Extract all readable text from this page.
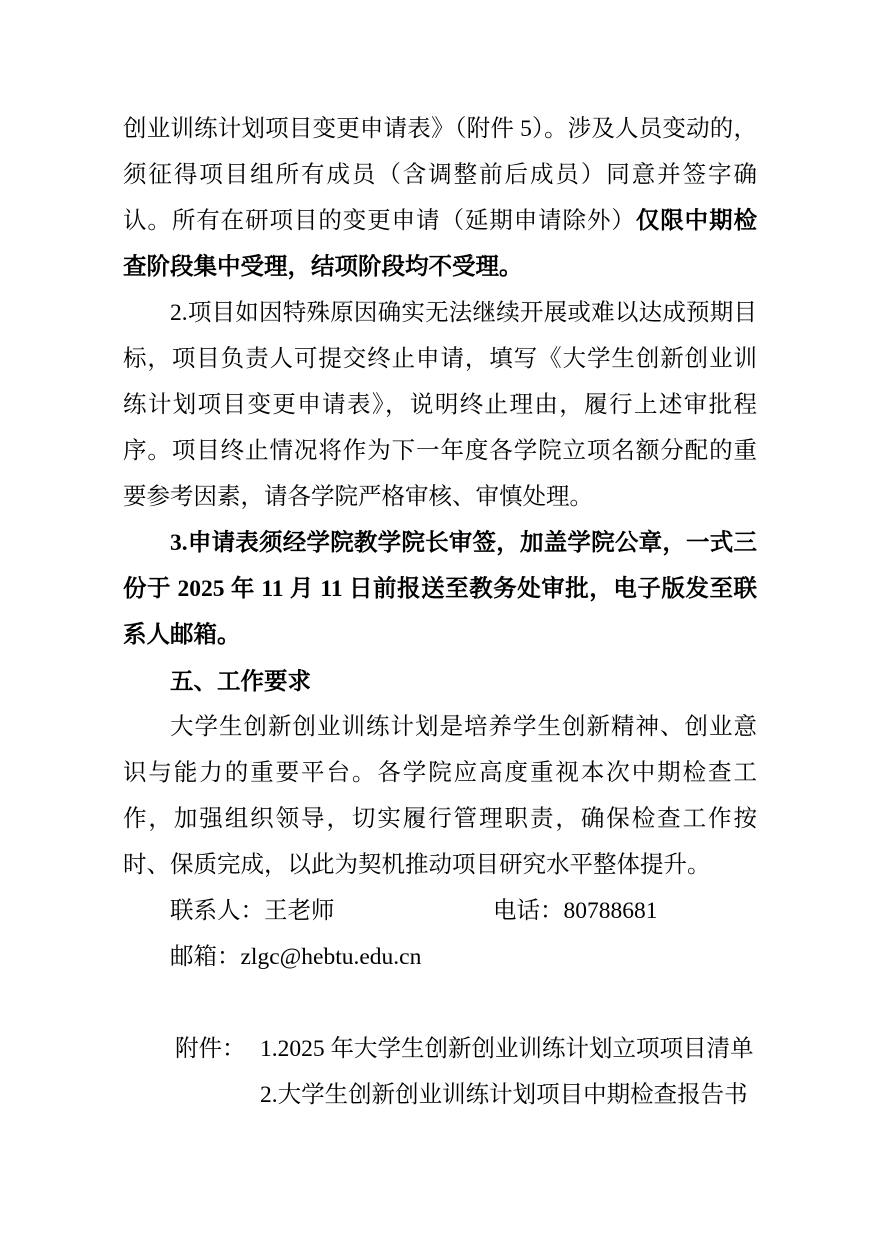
创业训练计划项目变更申请表》（附件 5）。涉及人员变动的，须征得项目组所有成员（含调整前后成员）同意并签字确认。所有在研项目的变更申请（延期申请除外）仅限中期检查阶段集中受理，结项阶段均不受理。
2.项目如因特殊原因确实无法继续开展或难以达成预期目标，项目负责人可提交终止申请，填写《大学生创新创业训练计划项目变更申请表》，说明终止理由，履行上述审批程序。项目终止情况将作为下一年度各学院立项名额分配的重要参考因素，请各学院严格审核、审慎处理。
3.申请表须经学院教学院长审签，加盖学院公章，一式三份于 2025 年 11 月 11 日前报送至教务处审批，电子版发至联系人邮箱。
五、工作要求
大学生创新创业训练计划是培养学生创新精神、创业意识与能力的重要平台。各学院应高度重视本次中期检查工作，加强组织领导，切实履行管理职责，确保检查工作按时、保质完成，以此为契机推动项目研究水平整体提升。
联系人：王老师	电话：80788681
邮箱：zlgc@hebtu.edu.cn
附件： 1.2025 年大学生创新创业训练计划立项项目清单
2.大学生创新创业训练计划项目中期检查报告书
